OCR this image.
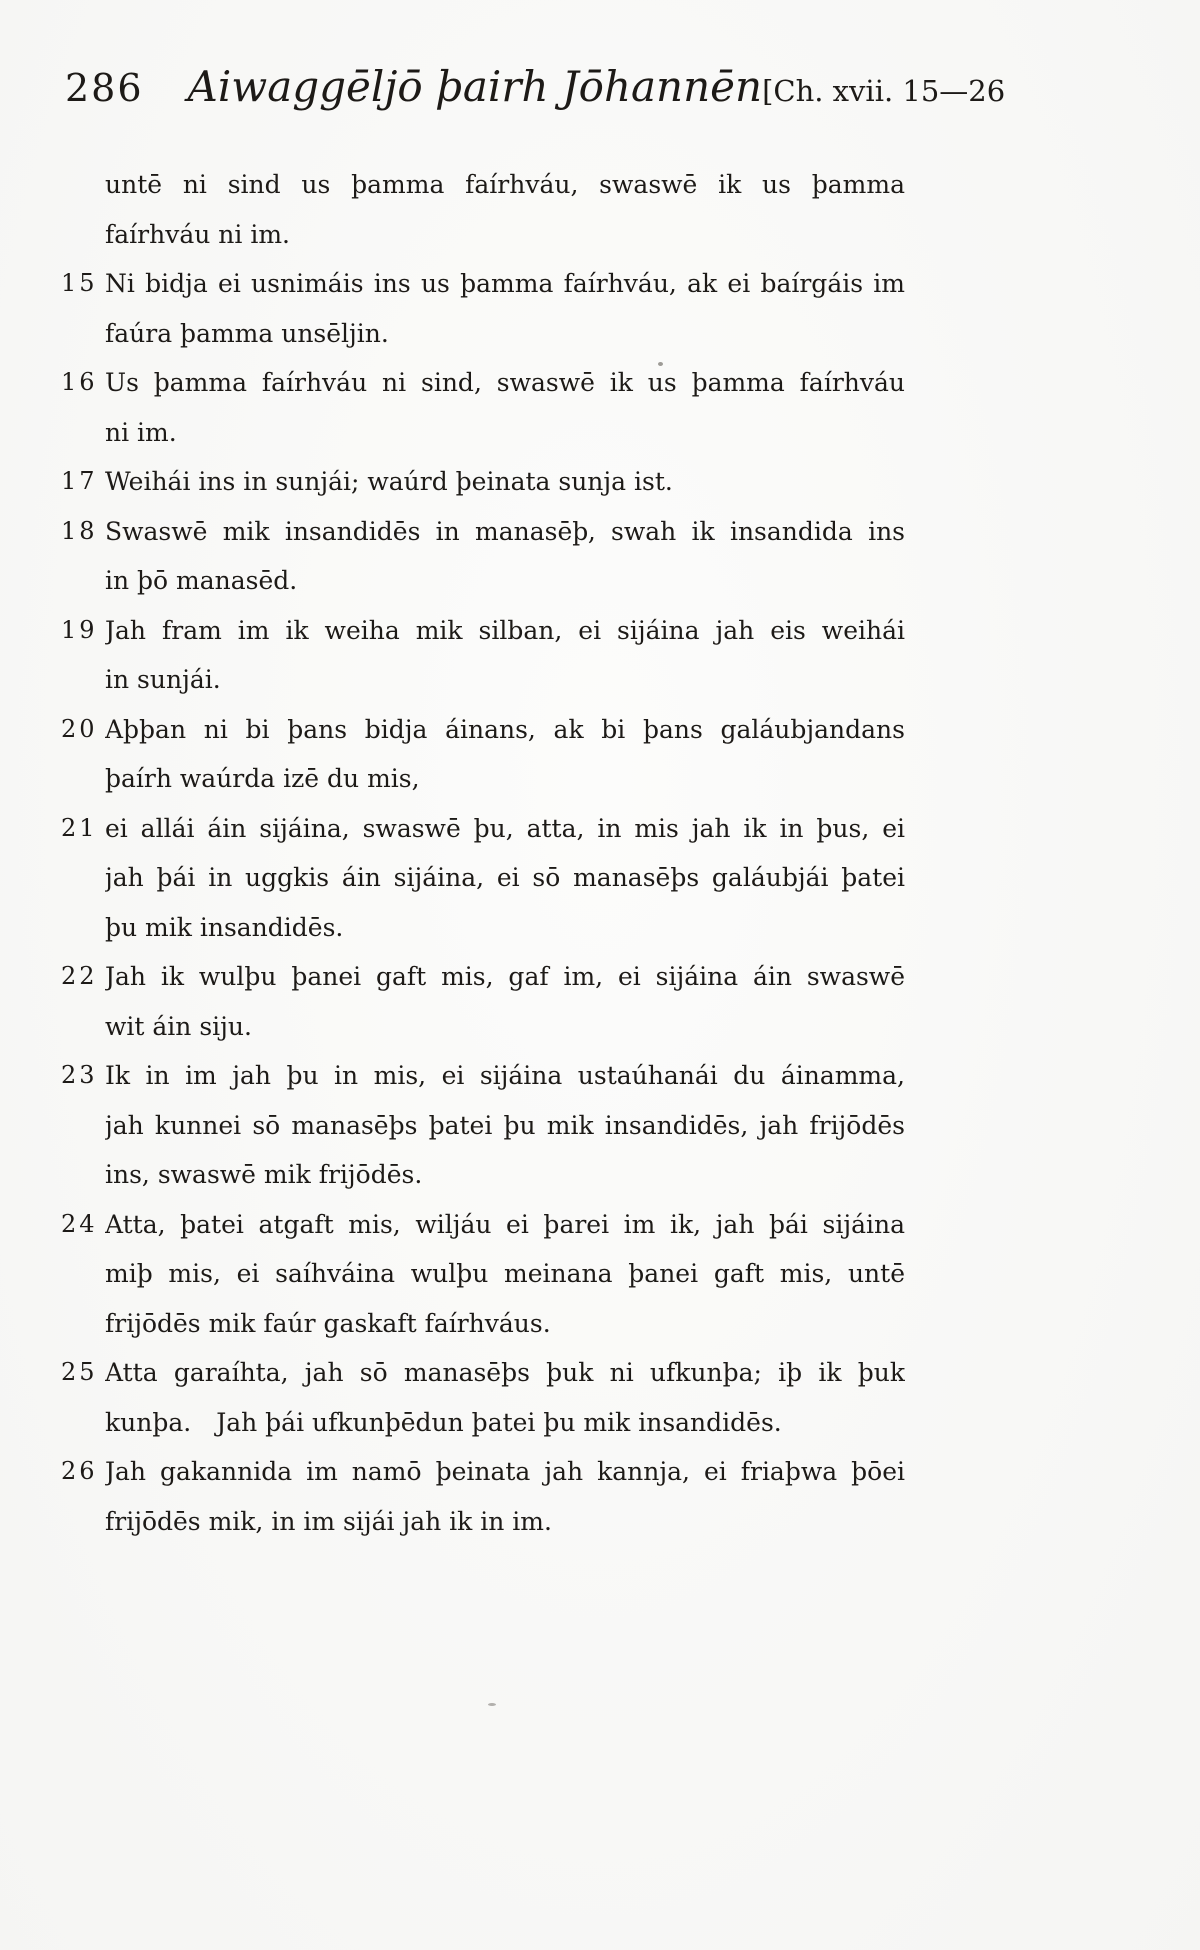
286 Aiwaggēljō þairh Jōhannēn [Ch. xvii. 15—26
untē ni sind us þamma faírhváu, swaswē ik us þamma
faírhváu ni im.
15 Ni bidja ei usnimáis ins us þamma faírhváu, ak ei baírgáis im
faúra þamma unsēljin.
16 Us þamma faírhváu ni sind, swaswē ik us þamma faírhváu
ni im.
17 Weihái ins in sunjái; waúrd þeinata sunja ist.
18 Swaswē mik insandidēs in manasēþ, swah ik insandida ins
in þō manasēd.
19 Jah fram im ik weiha mik silban, ei sijáina jah eis weihái
in sunjái.
20 Aþþan ni bi þans bidja áinans, ak bi þans galáubjandans
þaírh waúrda izē du mis,
21 ei allái áin sijáina, swaswē þu, atta, in mis jah ik in þus, ei
jah þái in uggkis áin sijáina, ei sō manasēþs galáubjái þatei
þu mik insandidēs.
22 Jah ik wulþu þanei gaft mis, gaf im, ei sijáina áin swaswē
wit áin siju.
23 Ik in im jah þu in mis, ei sijáina ustaúhanái du áinamma,
jah kunnei sō manasēþs þatei þu mik insandidēs, jah frijōdēs
ins, swaswē mik frijōdēs.
24 Atta, þatei atgaft mis, wiljáu ei þarei im ik, jah þái sijáina
miþ mis, ei saíhváina wulþu meinana þanei gaft mis, untē
frijōdēs mik faúr gaskaft faírhváus.
25 Atta garaíhta, jah sō manasēþs þuk ni ufkunþa; iþ ik þuk
kunþa. Jah þái ufkunþēdun þatei þu mik insandidēs.
26 Jah gakannida im namō þeinata jah kannja, ei friaþwa þōei
frijōdēs mik, in im sijái jah ik in im.
